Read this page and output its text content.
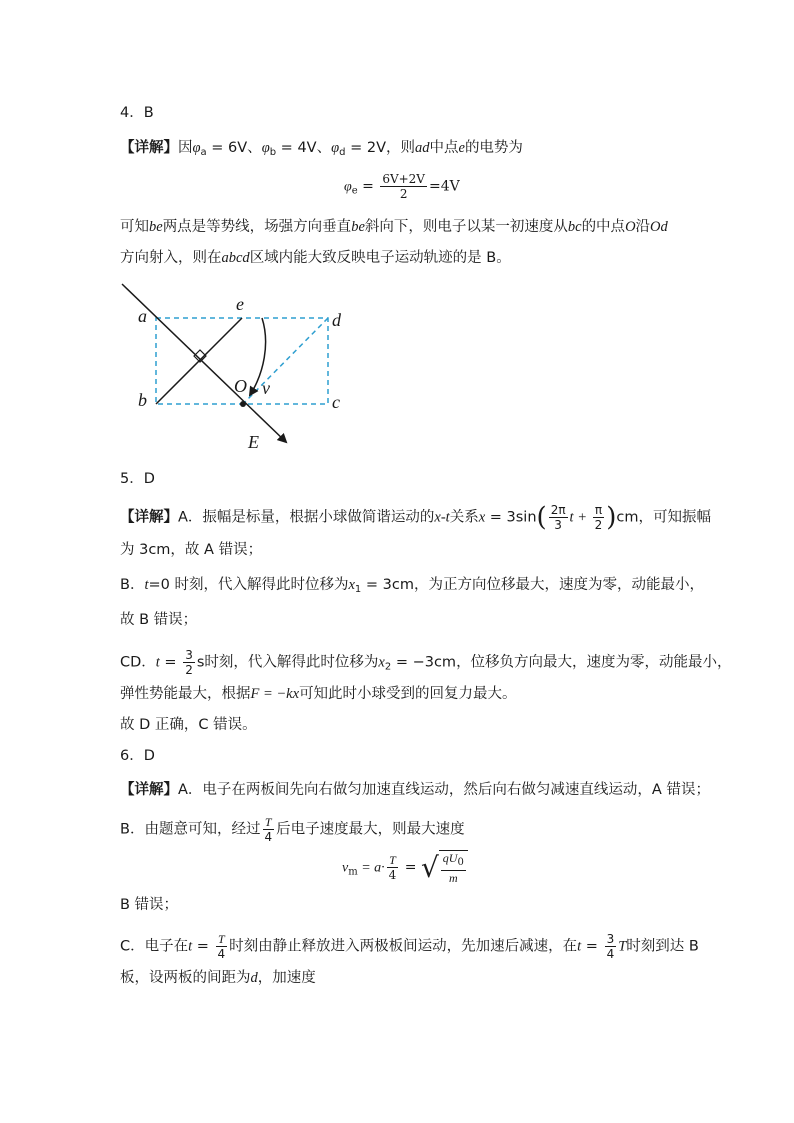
4．B
【详解】因$\varphi_a = 6V$、$\varphi_b = 4V$、$\varphi_d = 2V$，则ad中点e的电势为
$\varphi_e = \frac{6V+2V}{2} =4V$
可知be两点是等势线，场强方向垂直be斜向下，则电子以某一初速度从bc的中点O沿Od
方向射入，则在abcd区域内能大致反映电子运动轨迹的是 B。
a
b	c
d
e
O v
E
5．D
【详解】A．振幅是标量，根据小球做简谐运动的x-t关系$x = 3\sin( \frac{2\pi}{3}$ $t + \frac{\pi}{2} )cm$，可知振幅
为 3cm，故 A 错误；
B．t=0 时刻，代入解得此时位移为$x_1 = 3cm$，为正方向位移最大，速度为零，动能最小，
故 B 错误；
CD．$t = \frac{3}{2}$ s时刻，代入解得此时位移为$x_2 = -3cm$，位移负方向最大，速度为零，动能最小，
弹性势能最大，根据F = −kx可知此时小球受到的回复力最大。
故 D 正确，C 错误。
6．D
【详解】A．电子在两板间先向右做匀加速直线运动，然后向右做匀减速直线运动，A 错误；
B．由题意可知，经过 $\frac{T}{4}$ 后电子速度最大，则最大速度
$v_m = a\cdot \frac{T}{4}$ = √ $\frac{qU_0}{m}$
B 错误；
C．电子在$t = \frac{T}{4}$ 时刻由静止释放进入两极板间运动，先加速后减速，在$t = \frac{3}{4}$ T时刻到达 B
板，设两板的间距为d，加速度
